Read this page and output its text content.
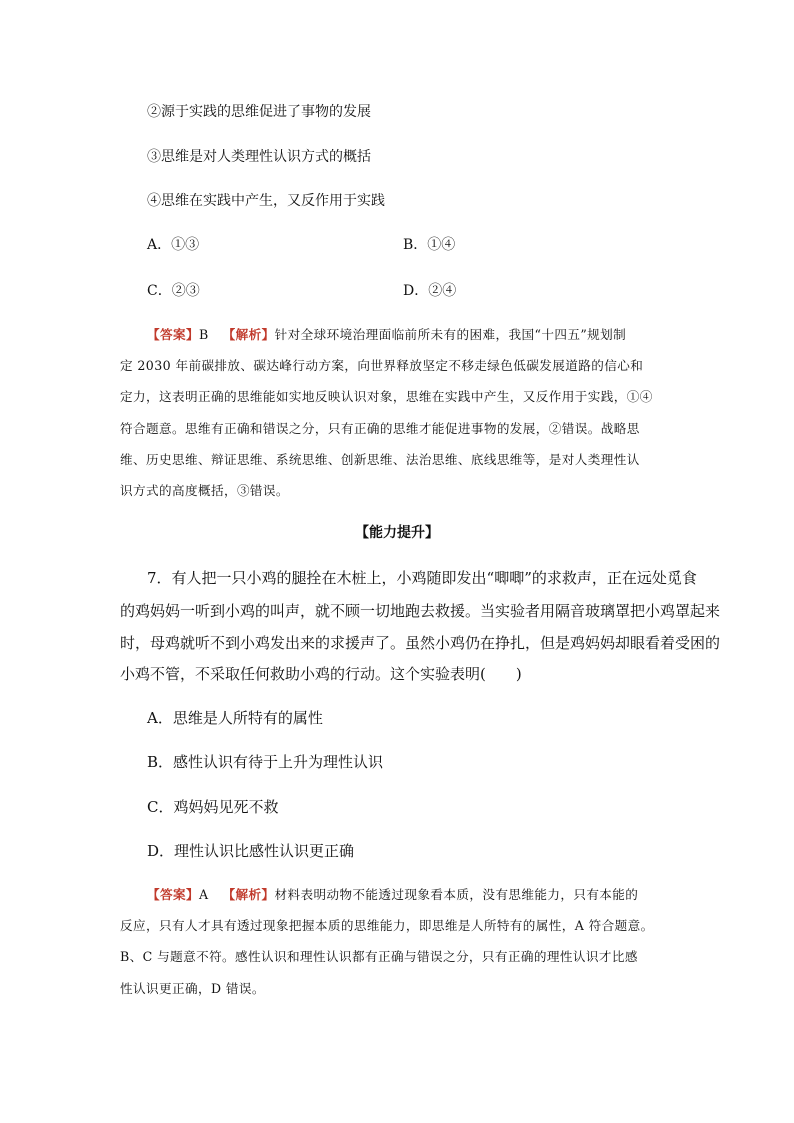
②源于实践的思维促进了事物的发展
③思维是对人类理性认识方式的概括
④思维在实践中产生，又反作用于实践
A．①③	B．①④
C．②③	D．②④
【答案】B 【解析】针对全球环境治理面临前所未有的困难，我国“十四五”规划制
定 2030 年前碳排放、碳达峰行动方案，向世界释放坚定不移走绿色低碳发展道路的信心和
定力，这表明正确的思维能如实地反映认识对象，思维在实践中产生，又反作用于实践，①④
符合题意。思维有正确和错误之分，只有正确的思维才能促进事物的发展，②错误。战略思
维、历史思维、辩证思维、系统思维、创新思维、法治思维、底线思维等，是对人类理性认
识方式的高度概括，③错误。
【能力提升】
7．有人把一只小鸡的腿拴在木桩上，小鸡随即发出“唧唧”的求救声，正在远处觅食
的鸡妈妈一听到小鸡的叫声，就不顾一切地跑去救援。当实验者用隔音玻璃罩把小鸡罩起来
时，母鸡就听不到小鸡发出来的求援声了。虽然小鸡仍在挣扎，但是鸡妈妈却眼看着受困的
小鸡不管，不采取任何救助小鸡的行动。这个实验表明(　　)
A．思维是人所特有的属性
B．感性认识有待于上升为理性认识
C．鸡妈妈见死不救
D．理性认识比感性认识更正确
【答案】A 【解析】材料表明动物不能透过现象看本质，没有思维能力，只有本能的
反应，只有人才具有透过现象把握本质的思维能力，即思维是人所特有的属性，A 符合题意。
B、C 与题意不符。感性认识和理性认识都有正确与错误之分，只有正确的理性认识才比感
性认识更正确，D 错误。
